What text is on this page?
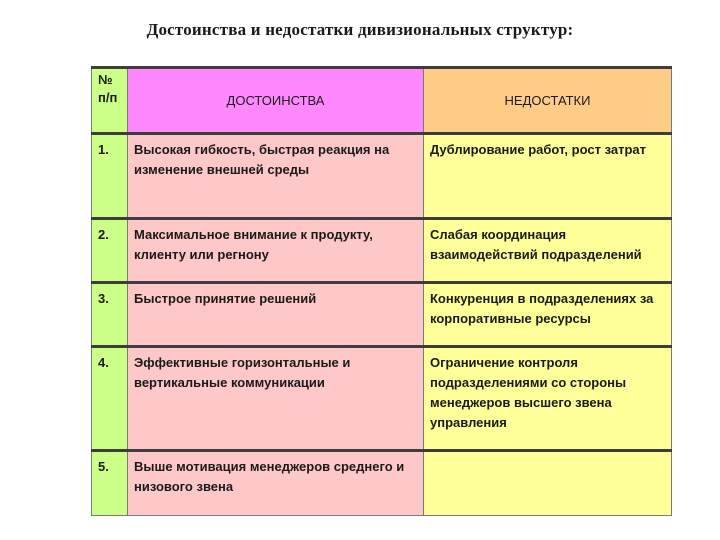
Достоинства и недостатки дивизиональных структур:
№
п/п	ДОСТОИНСТВА	НЕДОСТАТКИ
1.	Высокая гибкость, быстрая реакция на изменение внешней среды	Дублирование работ, рост затрат
2.	Максимальное внимание к продукту, клиенту или регнону	Слабая координация взаимодействий подразделений
3.	Быстрое принятие решений	Конкуренция в подразделениях за корпоративные ресурсы
4.	Эффективные горизонтальные и вертикальные коммуникации	Ограничение контроля подразделениями со стороны менеджеров высшего звена управления
5.	Выше мотивация менеджеров среднего и низового звена	
